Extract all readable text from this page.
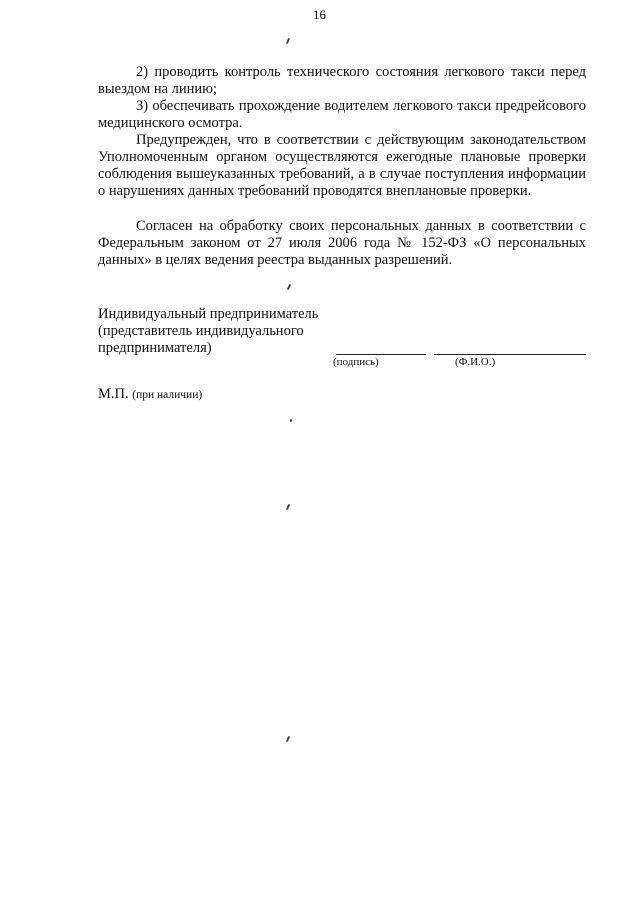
16

2) проводить контроль технического состояния легкового такси перед выездом на линию;

3) обеспечивать прохождение водителем легкового такси предрейсового медицинского осмотра.

Предупрежден, что в соответствии с действующим законодательством Уполномоченным органом осуществляются ежегодные плановые проверки соблюдения вышеуказанных требований, а в случае поступления информации о нарушениях данных требований проводятся внеплановые проверки.

Согласен на обработку своих персональных данных в соответствии с Федеральным законом от 27 июля 2006 года № 152-ФЗ «О персональных данных» в целях ведения реестра выданных разрешений.

Индивидуальный предприниматель

(представитель индивидуального

предпринимателя)

(подпись)	(Ф.И.О.)
М.П. (при наличии)
